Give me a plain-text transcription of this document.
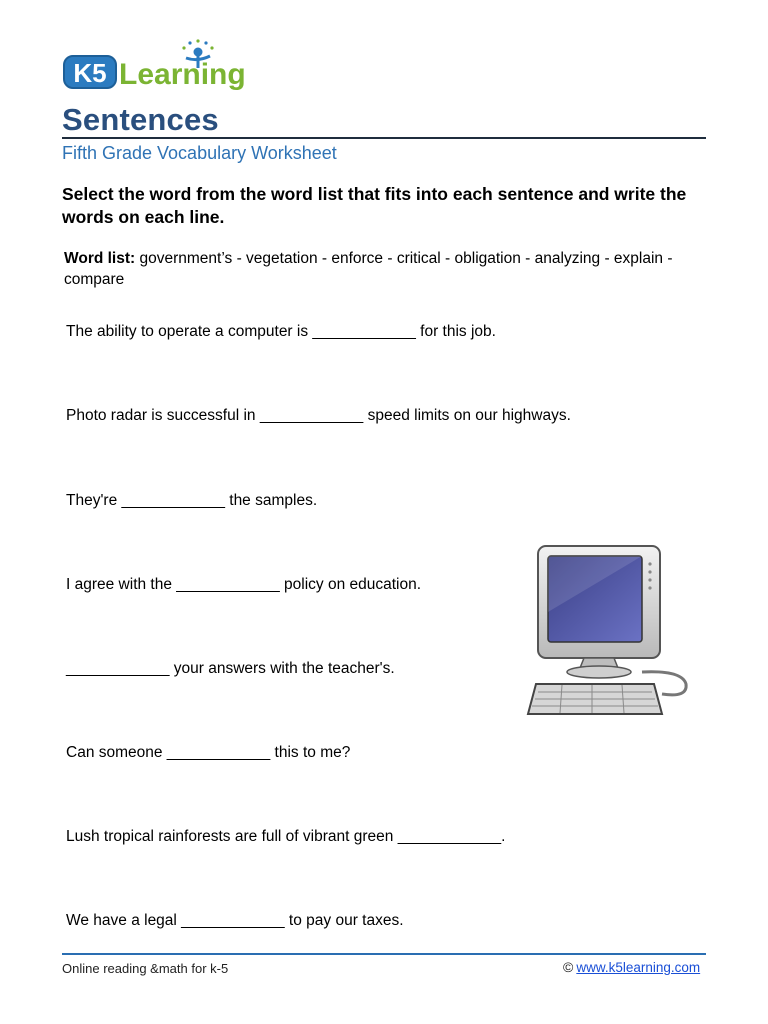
K5 Learning
Sentences
Fifth Grade Vocabulary Worksheet
Select the word from the word list that fits into each sentence and write the words on each line.
Word list: government’s - vegetation - enforce - critical - obligation - analyzing - explain - compare
The ability to operate a computer is ____________ for this job.
Photo radar is successful in ____________ speed limits on our highways.
They're ____________ the samples.
I agree with the ____________ policy on education.
____________ your answers with the teacher's.
Can someone ____________ this to me?
Lush tropical rainforests are full of vibrant green ____________.
We have a legal ____________ to pay our taxes.
Online reading &math for k-5	© www.k5learning.com
